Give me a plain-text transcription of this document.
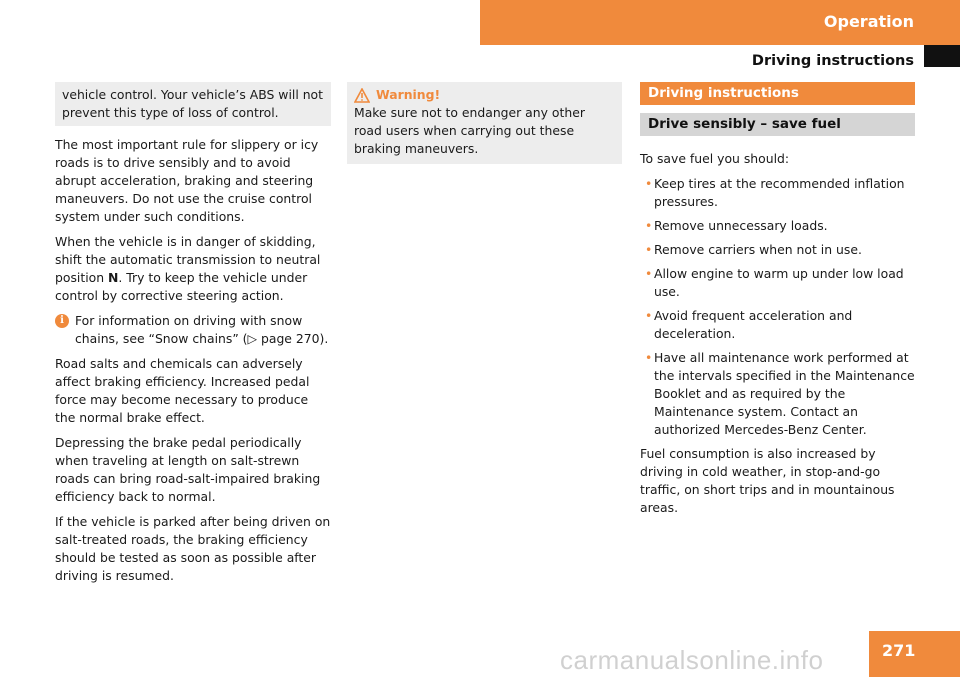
Operation
Driving instructions
vehicle control. Your vehicle’s ABS will not prevent this type of loss of control.

The most important rule for slippery or icy roads is to drive sensibly and to avoid abrupt acceleration, braking and steering maneuvers. Do not use the cruise control system under such conditions.

When the vehicle is in danger of skidding, shift the automatic transmission to neutral position N. Try to keep the vehicle under control by corrective steering action.

i For information on driving with snow chains, see “Snow chains” (▷ page 270).

Road salts and chemicals can adversely affect braking efficiency. Increased pedal force may become necessary to produce the normal brake effect.

Depressing the brake pedal periodically when traveling at length on salt-strewn roads can bring road-salt-impaired braking efficiency back to normal.

If the vehicle is parked after being driven on salt-treated roads, the braking efficiency should be tested as soon as possible after driving is resumed.

Warning!
Make sure not to endanger any other road users when carrying out these braking maneuvers.
Driving instructions
Drive sensibly – save fuel

To save fuel you should:

• Keep tires at the recommended inflation pressures.
• Remove unnecessary loads.
• Remove carriers when not in use.
• Allow engine to warm up under low load use.
• Avoid frequent acceleration and deceleration.
• Have all maintenance work performed at the intervals specified in the Maintenance Booklet and as required by the Maintenance system. Contact an authorized Mercedes-Benz Center.

Fuel consumption is also increased by driving in cold weather, in stop-and-go traffic, on short trips and in mountainous areas.

carmanualsonline.info	271
